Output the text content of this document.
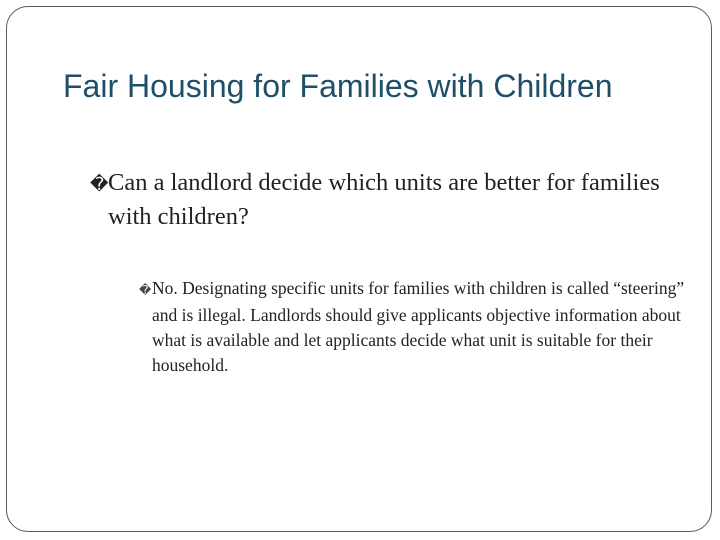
Fair Housing for Families with Children
�Can a landlord decide which units are better for families with children?
�No. Designating specific units for families with children is called “steering” and is illegal. Landlords should give applicants objective information about what is available and let applicants decide what unit is suitable for their household.
